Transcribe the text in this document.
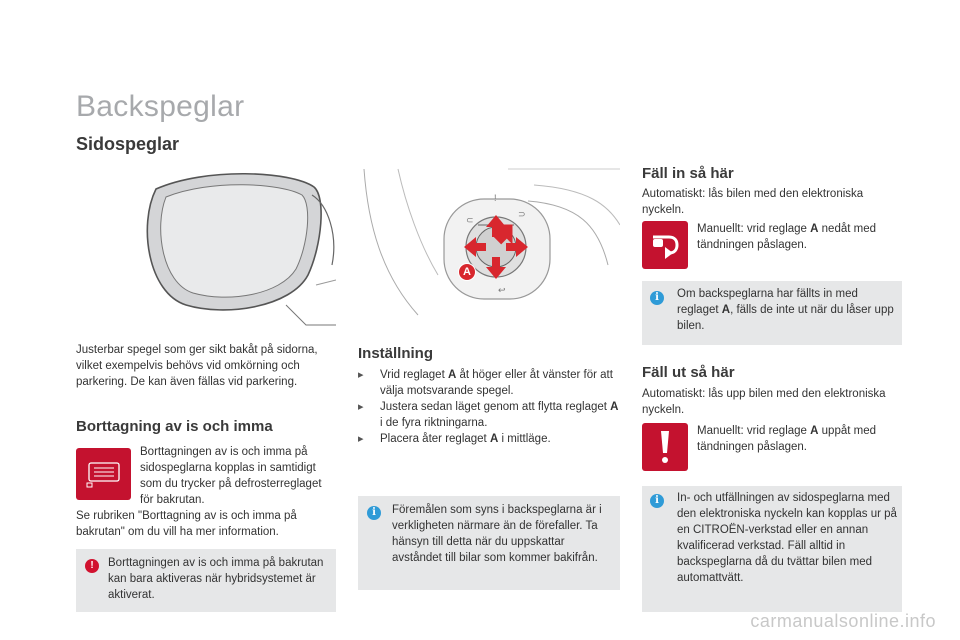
Backspeglar
Sidospeglar
Justerbar spegel som ger sikt bakåt på sidorna, vilket exempelvis behövs vid omkörning och parkering. De kan även fällas vid parkering.
Borttagning av is och imma
Borttagningen av is och imma på sidospeglarna kopplas in samtidigt som du trycker på defrosterreglaget för bakrutan.
Se rubriken "Borttagning av is och imma på bakrutan" om du vill ha mer information.
!	Borttagningen av is och imma på bakrutan kan bara aktiveras när hybridsystemet är aktiverat.
⊂
⊃
!
↩
A
Inställning
▸	Vrid reglaget A åt höger eller åt vänster för att välja motsvarande spegel.
▸	Justera sedan läget genom att flytta reglaget A i de fyra riktningarna.
▸	Placera åter reglaget A i mittläge.
i	Föremålen som syns i backspeglarna är i verkligheten närmare än de förefaller. Ta hänsyn till detta när du uppskattar avståndet till bilar som kommer bakifrån.
Fäll in så här
Automatiskt: lås bilen med den elektroniska nyckeln.
Manuellt: vrid reglage A nedåt med tändningen påslagen.
i	Om backspeglarna har fällts in med reglaget A, fälls de inte ut när du låser upp bilen.
Fäll ut så här
Automatiskt: lås upp bilen med den elektroniska nyckeln.
Manuellt: vrid reglage A uppåt med tändningen påslagen.
i	In- och utfällningen av sidospeglarna med den elektroniska nyckeln kan kopplas ur på en CITROËN-verkstad eller en annan kvalificerad verkstad. Fäll alltid in backspeglarna då du tvättar bilen med automattvätt.
carmanualsonline.info
